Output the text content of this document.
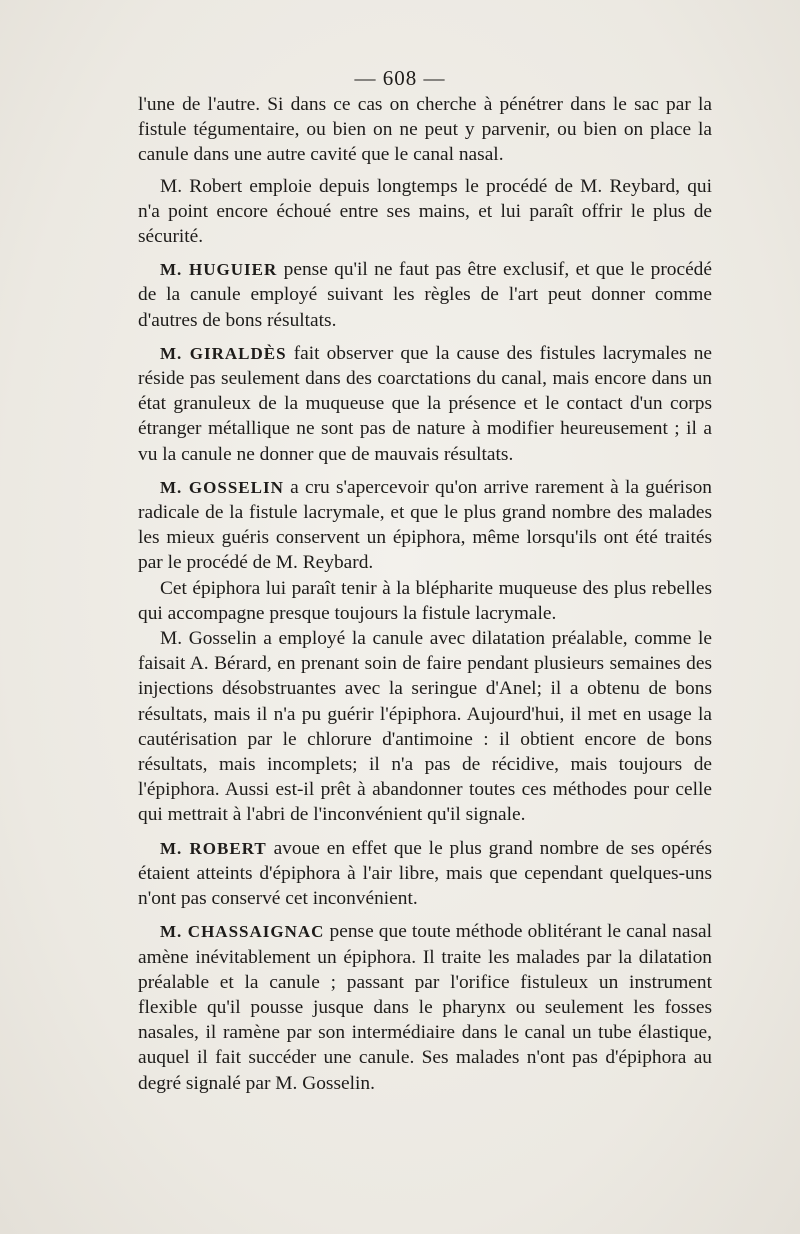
— 608 —

l'une de l'autre. Si dans ce cas on cherche à pénétrer dans le sac par la fistule tégumentaire, ou bien on ne peut y parvenir, ou bien on place la canule dans une autre cavité que le canal nasal.

M. Robert emploie depuis longtemps le procédé de M. Reybard, qui n'a point encore échoué entre ses mains, et lui paraît offrir le plus de sécurité.

M. HUGUIER pense qu'il ne faut pas être exclusif, et que le procédé de la canule employé suivant les règles de l'art peut donner comme d'autres de bons résultats.

M. GIRALDÈS fait observer que la cause des fistules lacrymales ne réside pas seulement dans des coarctations du canal, mais encore dans un état granuleux de la muqueuse que la présence et le contact d'un corps étranger métallique ne sont pas de nature à modifier heureusement ; il a vu la canule ne donner que de mauvais résultats.

M. GOSSELIN a cru s'apercevoir qu'on arrive rarement à la guérison radicale de la fistule lacrymale, et que le plus grand nombre des malades les mieux guéris conservent un épiphora, même lorsqu'ils ont été traités par le procédé de M. Reybard.

Cet épiphora lui paraît tenir à la blépharite muqueuse des plus rebelles qui accompagne presque toujours la fistule lacrymale.

M. Gosselin a employé la canule avec dilatation préalable, comme le faisait A. Bérard, en prenant soin de faire pendant plusieurs semaines des injections désobstruantes avec la seringue d'Anel; il a obtenu de bons résultats, mais il n'a pu guérir l'épiphora. Aujourd'hui, il met en usage la cautérisation par le chlorure d'antimoine : il obtient encore de bons résultats, mais incomplets; il n'a pas de récidive, mais toujours de l'épiphora. Aussi est-il prêt à abandonner toutes ces méthodes pour celle qui mettrait à l'abri de l'inconvénient qu'il signale.

M. ROBERT avoue en effet que le plus grand nombre de ses opérés étaient atteints d'épiphora à l'air libre, mais que cependant quelques-uns n'ont pas conservé cet inconvénient.

M. CHASSAIGNAC pense que toute méthode oblitérant le canal nasal amène inévitablement un épiphora. Il traite les malades par la dilatation préalable et la canule ; passant par l'orifice fistuleux un instrument flexible qu'il pousse jusque dans le pharynx ou seulement les fosses nasales, il ramène par son intermédiaire dans le canal un tube élastique, auquel il fait succéder une canule. Ses malades n'ont pas d'épiphora au degré signalé par M. Gosselin.
